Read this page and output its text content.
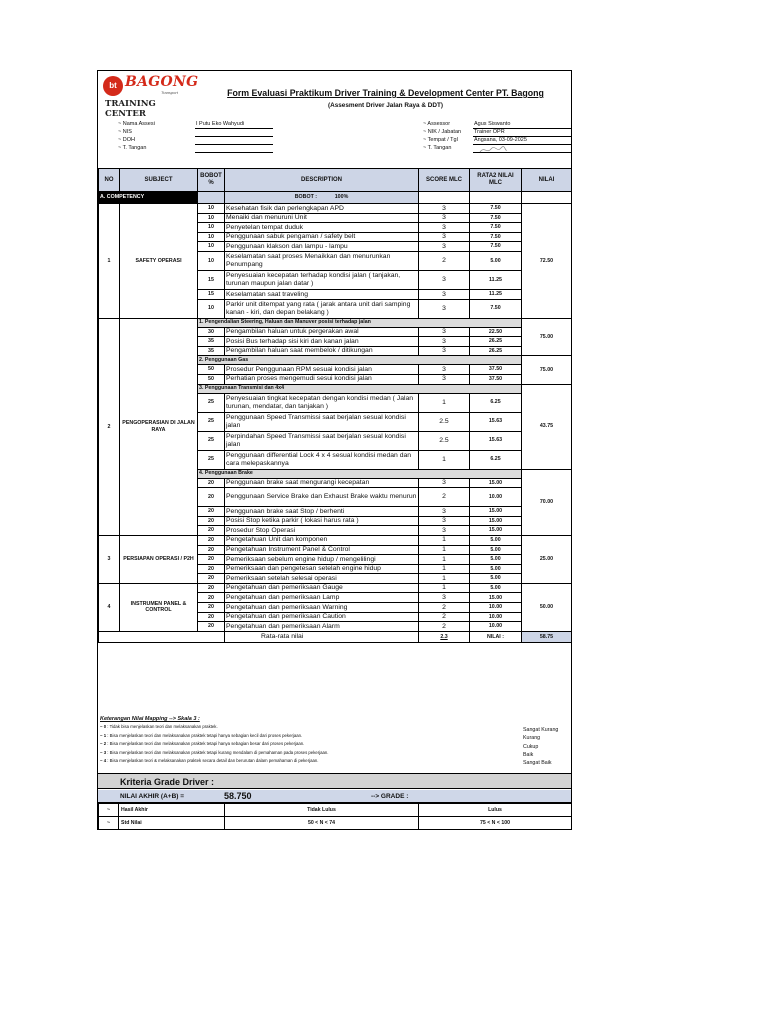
bt BAGONG
Transport
TRAINING CENTER
Form Evaluasi Praktikum Driver Training & Development Center PT. Bagong
(Assesment Driver Jalan Raya & DDT)
~ Nama Assesi	I Putu Eko Wahyudi
~ NIS
~ DOH
~ T. Tangan
~ Assessor	Agus Siswanto
~ NIK / Jabatan Trainer OPR
~ Tempat / Tgl	Angsana, 03-09-2025
~ T. Tangan
NO	SUBJECT	BOBOT %	DESCRIPTION	SCORE MLC	RATA2 NILAI MLC	NILAI
A. COMPETENCY			BOBOT : 100%			
1	SAFETY OPERASI	10	Kesehatan fisik dan perlengkapan APD	3	7.50	72.50
		10	Menaiki dan menuruni Unit	3	7.50	
		10	Penyetelan tempat duduk	3	7.50	
		10	Penggunaan sabuk pengaman / safety belt	3	7.50	
		10	Penggunaan klakson dan lampu - lampu	3	7.50	
		10	Keselamatan saat proses Menaikkan dan menurunkan Penumpang	2	5.00	
		15	Penyesuaian kecepatan terhadap kondisi jalan ( tanjakan, turunan maupun jalan datar )	3	11.25	
		15	Keselamatan saat traveling	3	11.25	
		10	Parkir unit ditempat yang rata ( jarak antara unit dari samping kanan - kiri, dan depan belakang )	3	7.50	
2	PENGOPERASIAN DI JALAN RAYA	1. Pengendalian Steering, Haluan dan Manuver posisi terhadap jalan				75.00
		30	Pengambilan haluan untuk pergerakan awal	3	22.50	
		35	Posisi Bus terhadap sisi kiri dan kanan jalan	3	26.25	
		35	Pengambilan haluan saat membelok / ditikungan	3	26.25	
		2. Penggunaan Gas				75.00
		50	Prosedur Penggunaan RPM sesuai kondisi jalan	3	37.50	
		50	Perhatian proses mengemudi sesui kondisi jalan	3	37.50	
		3. Penggunaan Transmisi dan 4x4				43.75
		25	Penyesuaian tingkat kecepatan dengan kondisi medan ( Jalan turunan, mendatar, dan tanjakan )	1	6.25	
		25	Penggunaan Speed Transmissi saat berjalan sesual kondisi jalan	2.5	15.63	
		25	Perpindahan Speed Transmissi saat berjalan sesual kondisi jalan	2.5	15.63	
		25	Penggunaan differential Lock 4 x 4 sesual kondisi medan dan cara melepaskannya	1	6.25	
		4. Penggunaan Brake				70.00
		20	Penggunaan brake saat mengurangi kecepatan	3	15.00	
		20	Penggunaan Service Brake dan Exhaust Brake waktu menurun	2	10.00	
		20	Penggunaan brake saat Stop / berhenti	3	15.00	
		20	Posisi Stop ketika parkir ( lokasi harus rata )	3	15.00	
		20	Prosedur Stop Operasi	3	15.00	
3	PERSIAPAN OPERASI / P2H	20	Pengetahuan Unit dan komponen	1	5.00	25.00
		20	Pengetahuan Instrument Panel & Control	1	5.00	
		20	Pemeriksaan sebelum engine hidup / mengelilingi	1	5.00	
		20	Pemeriksaan dan pengetesan setelah engine hidup	1	5.00	
		20	Pemeriksaan setelah selesai operasi	1	5.00	
4	INSTRUMEN PANEL & CONTROL	20	Pengetahuan dan pemeriksaan Gauge	1	5.00	50.00
		20	Pengetahuan dan pemeriksaan Lamp	3	15.00	
		20	Pengetahuan dan pemeriksaan Warning	2	10.00	
		20	Pengetahuan dan pemeriksaan Caution	2	10.00	
		20	Pengetahuan dan pemeriksaan Alarm	2	10.00	
			Rata-rata nilai	2.3	NILAI :	58.75
Keterangan Nilai Mapping --> Skala 3 :
~ 0 : Tidak bisa menjelaskan teori dan melaksanakan praktek.
~ 1 : Bisa menjelaskan teori dan melaksanakan praktek tetapi hanya sebagian kecil dari proses pekerjaan.
~ 2 : Bisa menjelaskan teori dan melaksanakan praktek tetapi hanya sebagian besar dari proses pekerjaan.
~ 3 : Bisa menjelaskan teori dan melaksanakan praktek tetapi kurang mendalam di pemahaman pada proses pekerjaan.
~ 4 : Bisa menjelaskan teori & melaksanakan praktek secara detail dan berurutan dalam pemahaman di pekerjaan.
Sangat Kurang
Kurang
Cukup
Baik
Sangat Baik
Kriteria Grade Driver :
NILAI AKHIR (A+B) =	58.750	--> GRADE :
~	Hasil Akhir	Tidak Lulus	Lulus
~	Std Nilai	50 < N < 74	75 < N < 100
